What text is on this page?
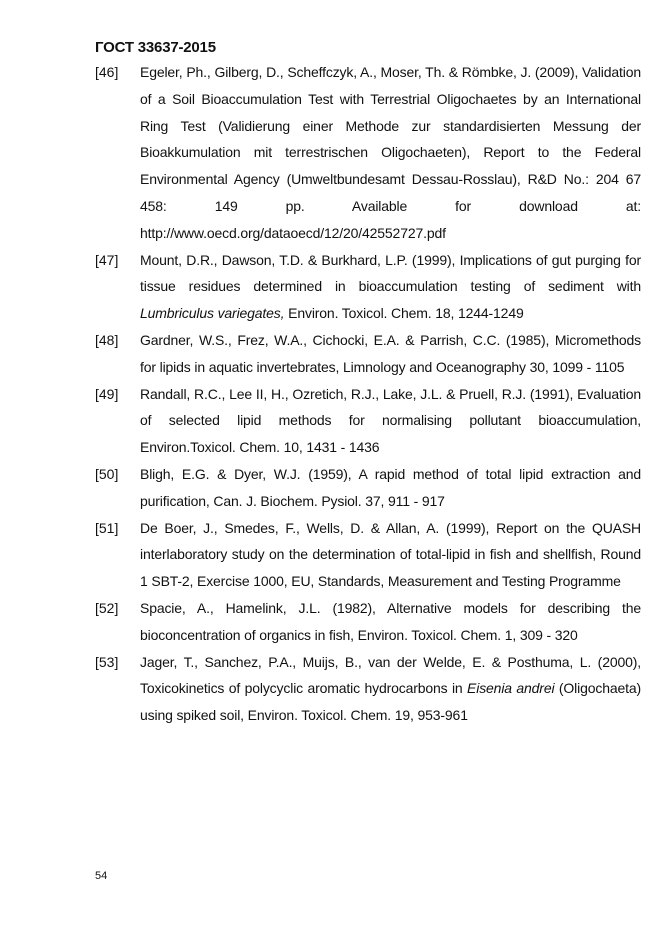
ГОСТ 33637-2015
[46]	Egeler, Ph., Gilberg, D., Scheffczyk, A., Moser, Th. & Römbke, J. (2009), Validation of a Soil Bioaccumulation Test with Terrestrial Oligochaetes by an International Ring Test (Validierung einer Methode zur standardisierten Messung der Bioakkumulation mit terrestrischen Oligochaeten), Report to the Federal Environmental Agency (Umweltbundesamt Dessau-Rosslau), R&D No.: 204 67 458: 149 pp. Available for download at: http://www.oecd.org/dataoecd/12/20/42552727.pdf
[47]	Mount, D.R., Dawson, T.D. & Burkhard, L.P. (1999), Implications of gut purging for tissue residues determined in bioaccumulation testing of sediment with Lumbriculus variegates, Environ. Toxicol. Chem. 18, 1244-1249
[48]	Gardner, W.S., Frez, W.A., Cichocki, E.A. & Parrish, C.C. (1985), Micromethods for lipids in aquatic invertebrates, Limnology and Oceanography 30, 1099 - 1105
[49]	Randall, R.C., Lee II, H., Ozretich, R.J., Lake, J.L. & Pruell, R.J. (1991), Evaluation of selected lipid methods for normalising pollutant bioaccumulation, Environ.Toxicol. Chem. 10, 1431 - 1436
[50]	Bligh, E.G. & Dyer, W.J. (1959), A rapid method of total lipid extraction and purification, Can. J. Biochem. Pysiol. 37, 911 - 917
[51]	De Boer, J., Smedes, F., Wells, D. & Allan, A. (1999), Report on the QUASH interlaboratory study on the determination of total-lipid in fish and shellfish, Round 1 SBT-2, Exercise 1000, EU, Standards, Measurement and Testing Programme
[52]	Spacie, A., Hamelink, J.L. (1982), Alternative models for describing the bioconcentration of organics in fish, Environ. Toxicol. Chem. 1, 309 - 320
[53]	Jager, T., Sanchez, P.A., Muijs, B., van der Welde, E. & Posthuma, L. (2000), Toxicokinetics of polycyclic aromatic hydrocarbons in Eisenia andrei (Oligochaeta) using spiked soil, Environ. Toxicol. Chem. 19, 953-961
54
